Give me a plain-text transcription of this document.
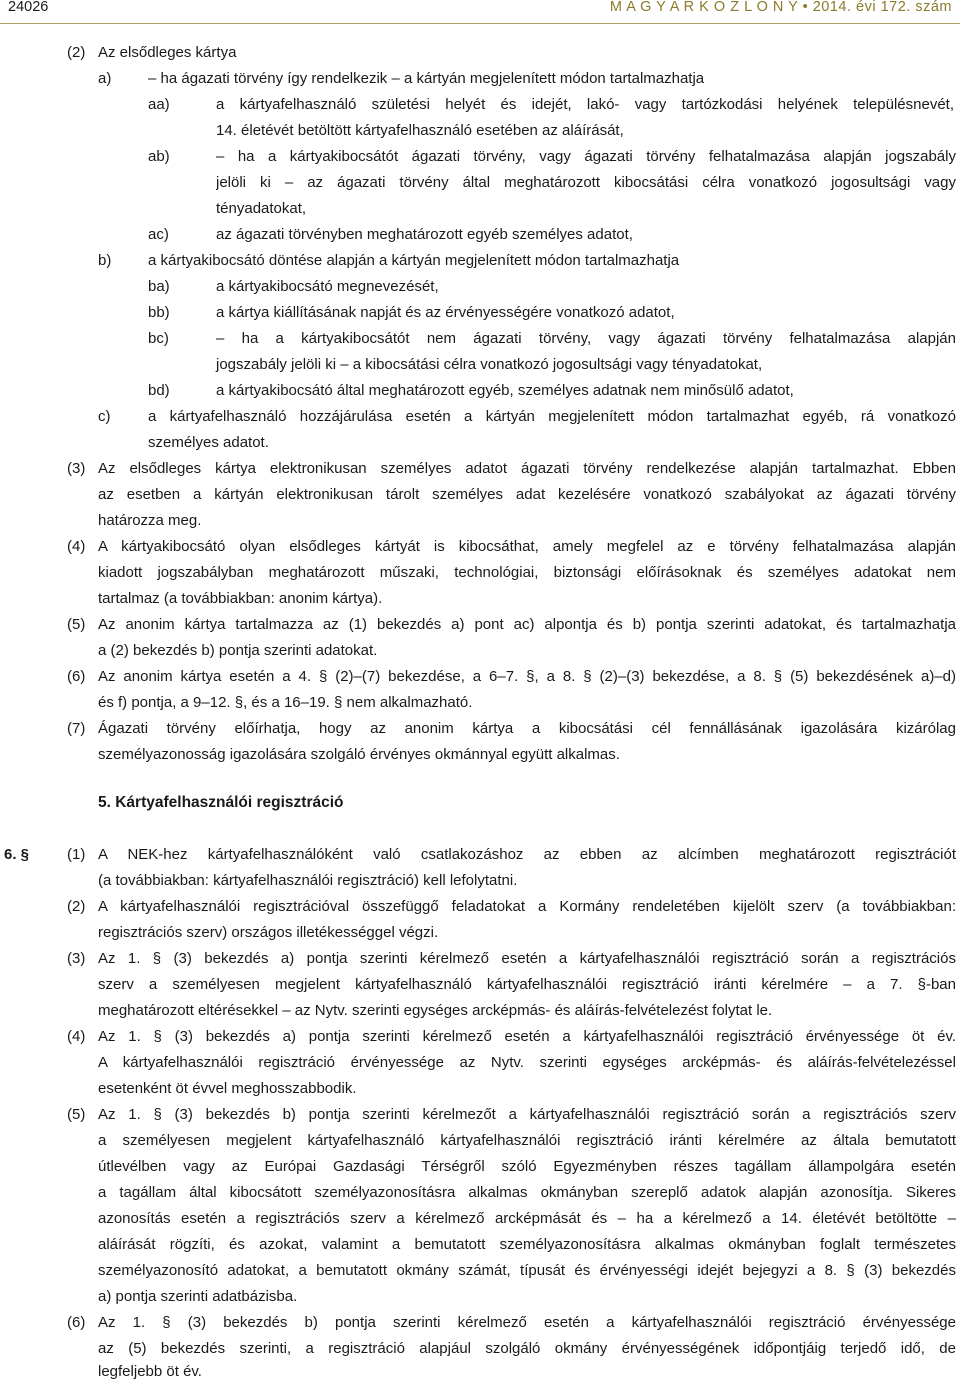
24026	M A G Y A R K Ö Z L Ö N Y • 2014. évi 172. szám
(2) Az elsődleges kártya
a) – ha ágazati törvény így rendelkezik – a kártyán megjelenített módon tartalmazhatja
aa)	a kártyafelhasználó születési helyét és idejét, lakó- vagy tartózkodási helyének településnevét,
14. életévét betöltött kártyafelhasználó esetében az aláírását,
ab)	– ha a kártyakibocsátót ágazati törvény, vagy ágazati törvény felhatalmazása alapján jogszabály
jelöli ki – az ágazati törvény által meghatározott kibocsátási célra vonatkozó jogosultsági vagy
tényadatokat,
ac)	az ágazati törvényben meghatározott egyéb személyes adatot,
b) a kártyakibocsátó döntése alapján a kártyán megjelenített módon tartalmazhatja
ba)	a kártyakibocsátó megnevezését,
bb)	a kártya kiállításának napját és az érvényességére vonatkozó adatot,
bc)	– ha a kártyakibocsátót nem ágazati törvény, vagy ágazati törvény felhatalmazása alapján
jogszabály jelöli ki – a kibocsátási célra vonatkozó jogosultsági vagy tényadatokat,
bd)	a kártyakibocsátó által meghatározott egyéb, személyes adatnak nem minősülő adatot,
c)	a kártyafelhasználó hozzájárulása esetén a kártyán megjelenített módon tartalmazhat egyéb, rá vonatkozó
személyes adatot.
(3) Az elsődleges kártya elektronikusan személyes adatot ágazati törvény rendelkezése alapján tartalmazhat. Ebben
az esetben a kártyán elektronikusan tárolt személyes adat kezelésére vonatkozó szabályokat az ágazati törvény
határozza meg.
(4) A kártyakibocsátó olyan elsődleges kártyát is kibocsáthat, amely megfelel az e törvény felhatalmazása alapján
kiadott jogszabályban meghatározott műszaki, technológiai, biztonsági előírásoknak és személyes adatokat nem
tartalmaz (a továbbiakban: anonim kártya).
(5) Az anonim kártya tartalmazza az (1) bekezdés a) pont ac) alpontja és b) pontja szerinti adatokat, és tartalmazhatja
a (2) bekezdés b) pontja szerinti adatokat.
(6) Az anonim kártya esetén a 4. § (2)–(7) bekezdése, a 6–7. §, a 8. § (2)–(3) bekezdése, a 8. § (5) bekezdésének a)–d)
és f) pontja, a 9–12. §, és a 16–19. § nem alkalmazható.
(7) Ágazati törvény előírhatja, hogy az anonim kártya a kibocsátási cél fennállásának igazolására kizárólag
személyazonosság igazolására szolgáló érvényes okmánnyal együtt alkalmas.
5. Kártyafelhasználói regisztráció
6. §	(1) A NEK-hez kártyafelhasználóként való csatlakozáshoz az ebben az alcímben meghatározott regisztrációt
(a továbbiakban: kártyafelhasználói regisztráció) kell lefolytatni.
(2) A kártyafelhasználói regisztrációval összefüggő feladatokat a Kormány rendeletében kijelölt szerv (a továbbiakban:
regisztrációs szerv) országos illetékességgel végzi.
(3) Az 1. § (3) bekezdés a) pontja szerinti kérelmező esetén a kártyafelhasználói regisztráció során a regisztrációs
szerv a személyesen megjelent kártyafelhasználó kártyafelhasználói regisztráció iránti kérelmére – a 7. §-ban
meghatározott eltérésekkel – az Nytv. szerinti egységes arcképmás- és aláírás-felvételezést folytat le.
(4) Az 1. § (3) bekezdés a) pontja szerinti kérelmező esetén a kártyafelhasználói regisztráció érvényessége öt év.
A kártyafelhasználói regisztráció érvényessége az Nytv. szerinti egységes arcképmás- és aláírás-felvételezéssel
esetenként öt évvel meghosszabbodik.
(5) Az 1. § (3) bekezdés b) pontja szerinti kérelmezőt a kártyafelhasználói regisztráció során a regisztrációs szerv
a személyesen megjelent kártyafelhasználó kártyafelhasználói regisztráció iránti kérelmére az általa bemutatott
útlevélben vagy az Európai Gazdasági Térségről szóló Egyezményben részes tagállam állampolgára esetén
a tagállam által kibocsátott személyazonosításra alkalmas okmányban szereplő adatok alapján azonosítja. Sikeres
azonosítás esetén a regisztrációs szerv a kérelmező arcképmását és – ha a kérelmező a 14. életévét betöltötte –
aláírását rögzíti, és azokat, valamint a bemutatott személyazonosításra alkalmas okmányban foglalt természetes
személyazonosító adatokat, a bemutatott okmány számát, típusát és érvényességi idejét bejegyzi a 8. § (3) bekezdés
a) pontja szerinti adatbázisba.
(6) Az 1. § (3) bekezdés b) pontja szerinti kérelmező esetén a kártyafelhasználói regisztráció érvényessége
az (5) bekezdés szerinti, a regisztráció alapjául szolgáló okmány érvényességének időpontjáig terjedő idő, de
legfeljebb öt év.
